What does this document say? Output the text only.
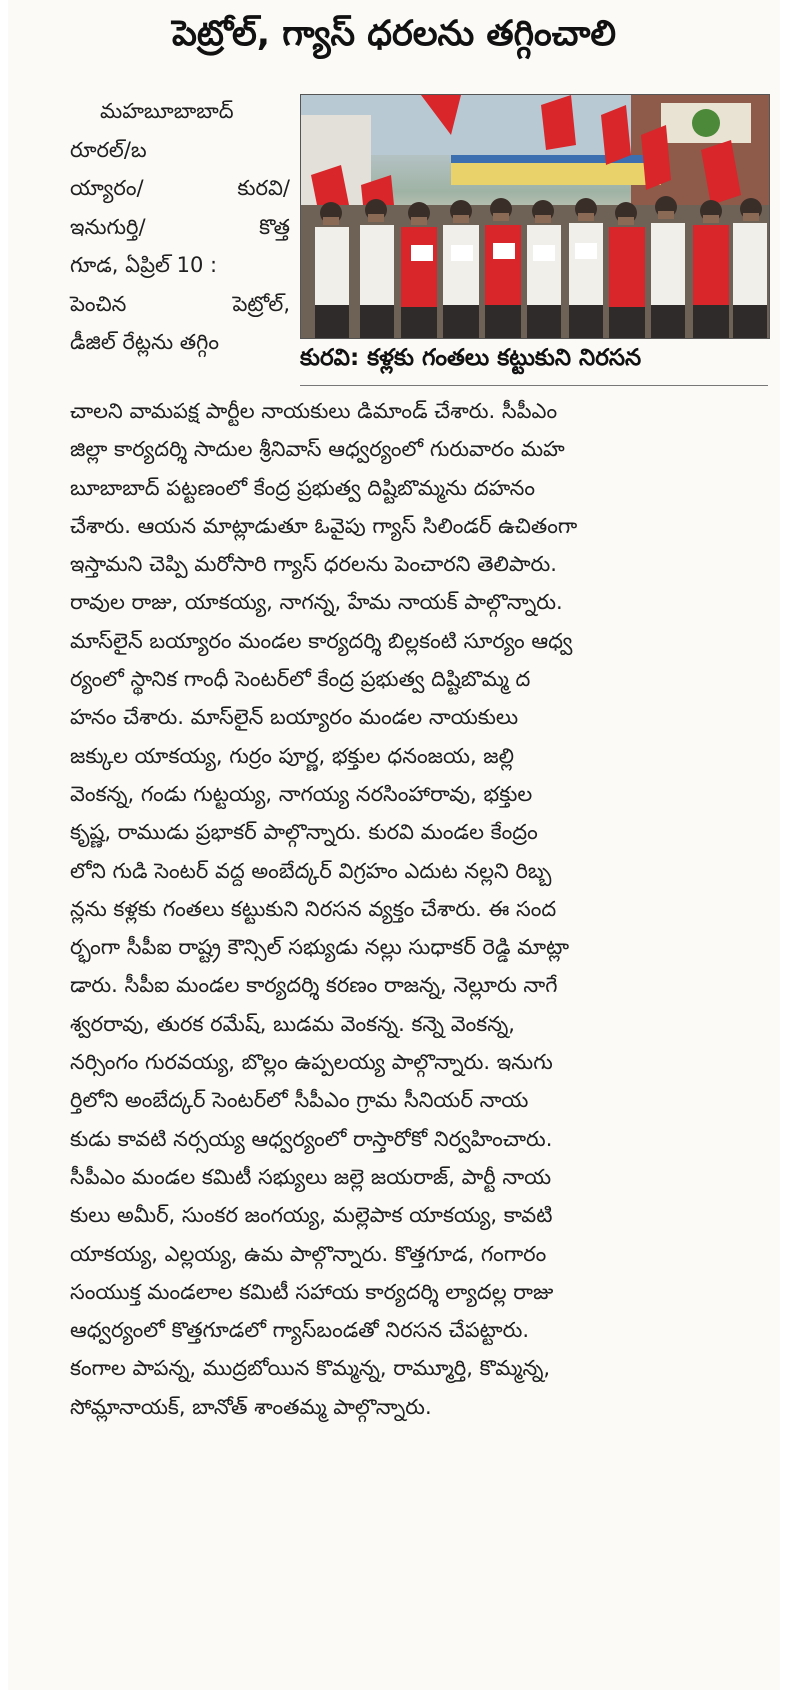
పెట్రోల్, గ్యాస్ ధరలను తగ్గించాలి
మహబూబాబాద్
రూరల్/బ
య్యారం/	కురవి/
ఇనుగుర్తి/	కొత్త
గూడ, ఏప్రిల్ 10 :
పెంచిన	పెట్రోల్,
డీజిల్ రేట్లను తగ్గిం
కురవి: కళ్లకు గంతలు కట్టుకుని నిరసన
చాలని వామపక్ష పార్టీల నాయకులు డిమాండ్ చేశారు. సీపీఎం
జిల్లా కార్యదర్శి సాదుల శ్రీనివాస్ ఆధ్వర్యంలో గురువారం మహ
బూబాబాద్ పట్టణంలో కేంద్ర ప్రభుత్వ దిష్టిబొమ్మను దహనం
చేశారు. ఆయన మాట్లాడుతూ ఓవైపు గ్యాస్ సిలిండర్ ఉచితంగా
ఇస్తామని చెప్పి మరోసారి గ్యాస్ ధరలను పెంచారని తెలిపారు.
రావుల రాజు, యాకయ్య, నాగన్న, హేమ నాయక్ పాల్గొన్నారు.
మాస్‌లైన్ బయ్యారం మండల కార్యదర్శి బిల్లకంటి సూర్యం ఆధ్వ
ర్యంలో స్థానిక గాంధీ సెంటర్‌లో కేంద్ర ప్రభుత్వ దిష్టిబొమ్మ ద
హనం చేశారు. మాస్‌లైన్ బయ్యారం మండల నాయకులు
జక్కుల యాకయ్య, గుర్రం పూర్ణ, భక్తుల ధనంజయ, జల్లి
వెంకన్న, గండు గుట్టయ్య, నాగయ్య నరసింహారావు, భక్తుల
కృష్ణ, రాముడు ప్రభాకర్ పాల్గొన్నారు. కురవి మండల కేంద్రం
లోని గుడి సెంటర్ వద్ద అంబేద్కర్ విగ్రహం ఎదుట నల్లని రిబ్బ
న్లను కళ్లకు గంతలు కట్టుకుని నిరసన వ్యక్తం చేశారు. ఈ సంద
ర్భంగా సీపీఐ రాష్ట్ర కౌన్సిల్ సభ్యుడు నల్లు సుధాకర్ రెడ్డి మాట్లా
డారు. సీపీఐ మండల కార్యదర్శి కరణం రాజన్న, నెల్లూరు నాగే
శ్వరరావు, తురక రమేష్, బుడమ వెంకన్న. కన్నె వెంకన్న,
నర్సింగం గురవయ్య, బొల్లం ఉప్పలయ్య పాల్గొన్నారు. ఇనుగు
ర్తిలోని అంబేద్కర్ సెంటర్‌లో సీపీఎం గ్రామ సీనియర్ నాయ
కుడు కావటి నర్సయ్య ఆధ్వర్యంలో రాస్తారోకో నిర్వహించారు.
సీపీఎం మండల కమిటీ సభ్యులు జల్లె జయరాజ్, పార్టీ నాయ
కులు అమీర్, సుంకర జంగయ్య, మల్లెపాక యాకయ్య, కావటి
యాకయ్య, ఎల్లయ్య, ఉమ పాల్గొన్నారు. కొత్తగూడ, గంగారం
సంయుక్త మండలాల కమిటీ సహాయ కార్యదర్శి ల్యాదల్ల రాజు
ఆధ్వర్యంలో కొత్తగూడలో గ్యాస్‌బండతో నిరసన చేపట్టారు.
కంగాల పాపన్న, ముద్రబోయిన కొమ్మన్న, రామ్మూర్తి, కొమ్మన్న,
సోమ్లానాయక్, బానోత్ శాంతమ్మ పాల్గొన్నారు.
